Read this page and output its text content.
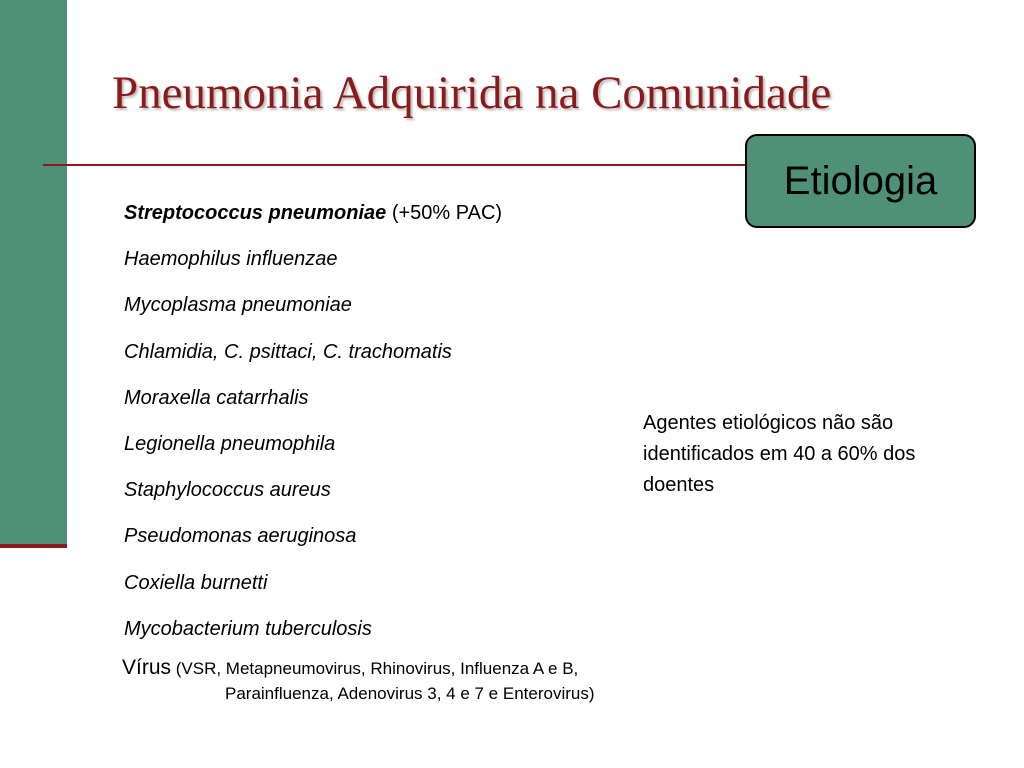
Pneumonia Adquirida na Comunidade
Etiologia
Streptococcus pneumoniae (+50% PAC)
Haemophilus influenzae
Mycoplasma pneumoniae
Chlamidia, C. psittaci, C. trachomatis
Moraxella catarrhalis
Legionella pneumophila
Staphylococcus aureus
Pseudomonas aeruginosa
Coxiella burnetti
Mycobacterium tuberculosis
Vírus (VSR, Metapneumovirus, Rhinovirus, Influenza A e B,
Parainfluenza, Adenovirus 3, 4 e 7 e Enterovirus)
Agentes etiológicos não são identificados em 40 a 60% dos doentes
